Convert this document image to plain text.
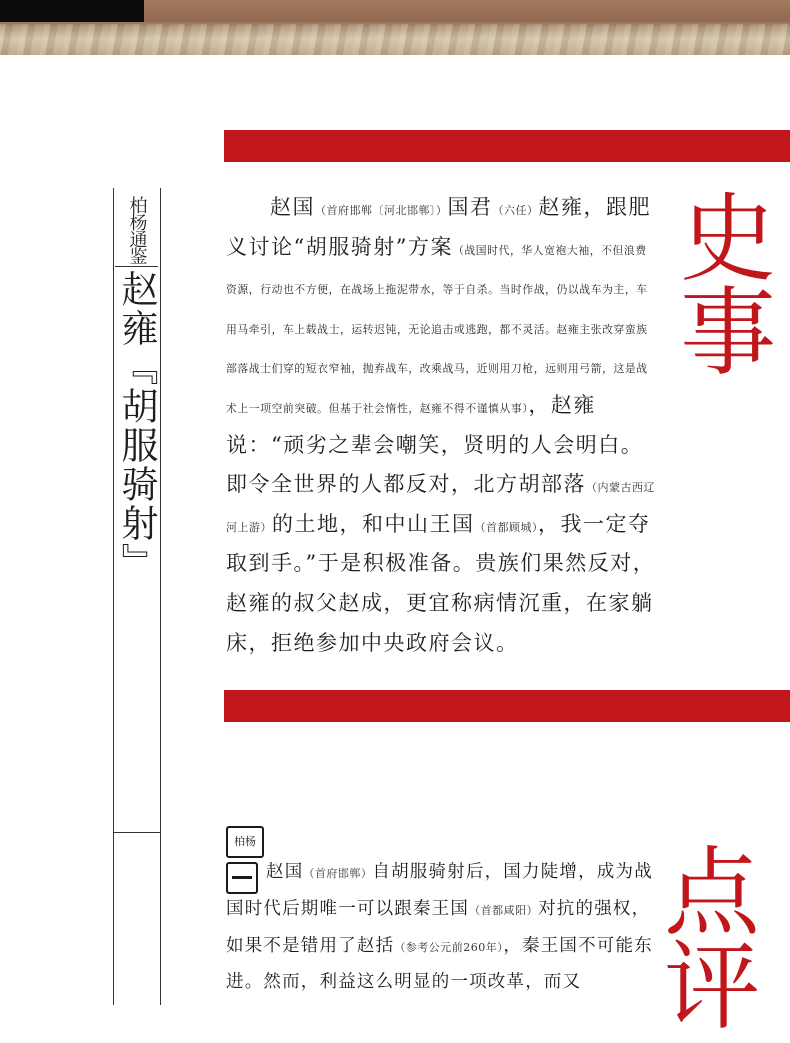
柏杨通鉴
赵雍『胡服骑射』
史事

赵国（首府邯郸〔河北邯郸〕）国君（六任）赵雍，跟肥义讨论“胡服骑射”方案（战国时代，华人宽袍大袖，不但浪费资源，行动也不方便，在战场上拖泥带水，等于自杀。当时作战，仍以战车为主，车用马牵引，车上载战士，运转迟钝，无论追击或逃跑，都不灵活。赵雍主张改穿蛮族部落战士们穿的短衣窄袖，抛弃战车，改乘战马，近则用刀枪，远则用弓箭，这是战术上一项空前突破。但基于社会惰性，赵雍不得不谨慎从事），赵雍说：“顽劣之辈会嘲笑，贤明的人会明白。即令全世界的人都反对，北方胡部落（内蒙古西辽河上游）的土地，和中山王国（首都顾城），我一定夺取到手。”于是积极准备。贵族们果然反对，赵雍的叔父赵成，更宜称病情沉重，在家躺床，拒绝参加中央政府会议。

柏杨

赵国（首府邯郸）自胡服骑射后，国力陡增，成为战国时代后期唯一可以跟秦王国（首都咸阳）对抗的强权，如果不是错用了赵括（参考公元前260年），秦王国不可能东进。然而，利益这么明显的一项改革，而又

点评
